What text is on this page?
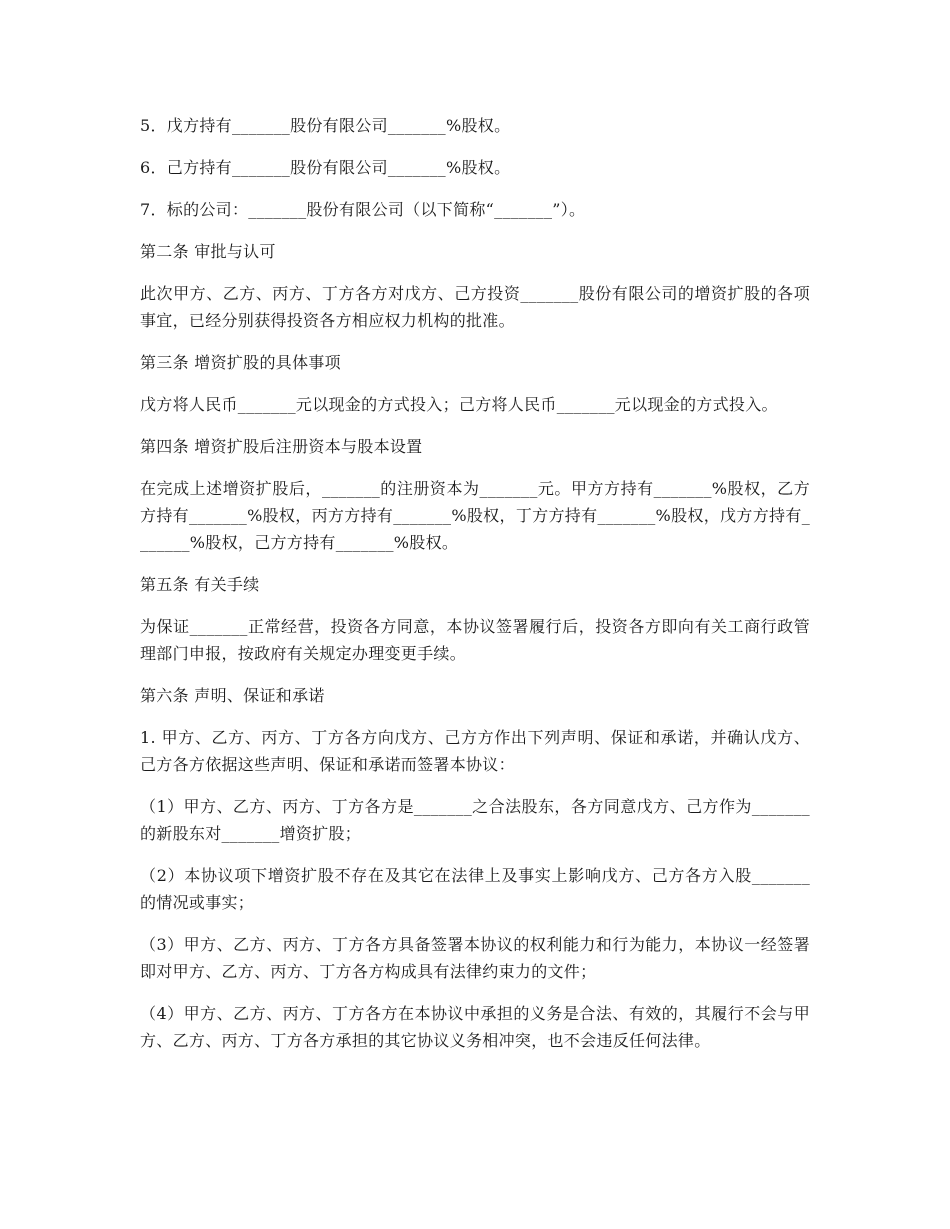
5．戊方持有_______股份有限公司_______%股权。

6．己方持有_______股份有限公司_______%股权。

7．标的公司：_______股份有限公司（以下简称“_______”）。

第二条 审批与认可

此次甲方、乙方、丙方、丁方各方对戊方、己方投资_______股份有限公司的增资扩股的各项事宜，已经分别获得投资各方相应权力机构的批准。

第三条 增资扩股的具体事项

戊方将人民币_______元以现金的方式投入；己方将人民币_______元以现金的方式投入。

第四条 增资扩股后注册资本与股本设置

在完成上述增资扩股后，_______的注册资本为_______元。甲方方持有_______%股权，乙方方持有_______%股权，丙方方持有_______%股权，丁方方持有_______%股权，戊方方持有_______%股权，己方方持有_______%股权。

第五条 有关手续

为保证_______正常经营，投资各方同意，本协议签署履行后，投资各方即向有关工商行政管理部门申报，按政府有关规定办理变更手续。

第六条 声明、保证和承诺

1. 甲方、乙方、丙方、丁方各方向戊方、己方方作出下列声明、保证和承诺，并确认戊方、己方各方依据这些声明、保证和承诺而签署本协议：

（1）甲方、乙方、丙方、丁方各方是_______之合法股东，各方同意戊方、己方作为_______的新股东对_______增资扩股；

（2）本协议项下增资扩股不存在及其它在法律上及事实上影响戊方、己方各方入股_______的情况或事实；

（3）甲方、乙方、丙方、丁方各方具备签署本协议的权利能力和行为能力，本协议一经签署即对甲方、乙方、丙方、丁方各方构成具有法律约束力的文件；

（4）甲方、乙方、丙方、丁方各方在本协议中承担的义务是合法、有效的，其履行不会与甲方、乙方、丙方、丁方各方承担的其它协议义务相冲突，也不会违反任何法律。
